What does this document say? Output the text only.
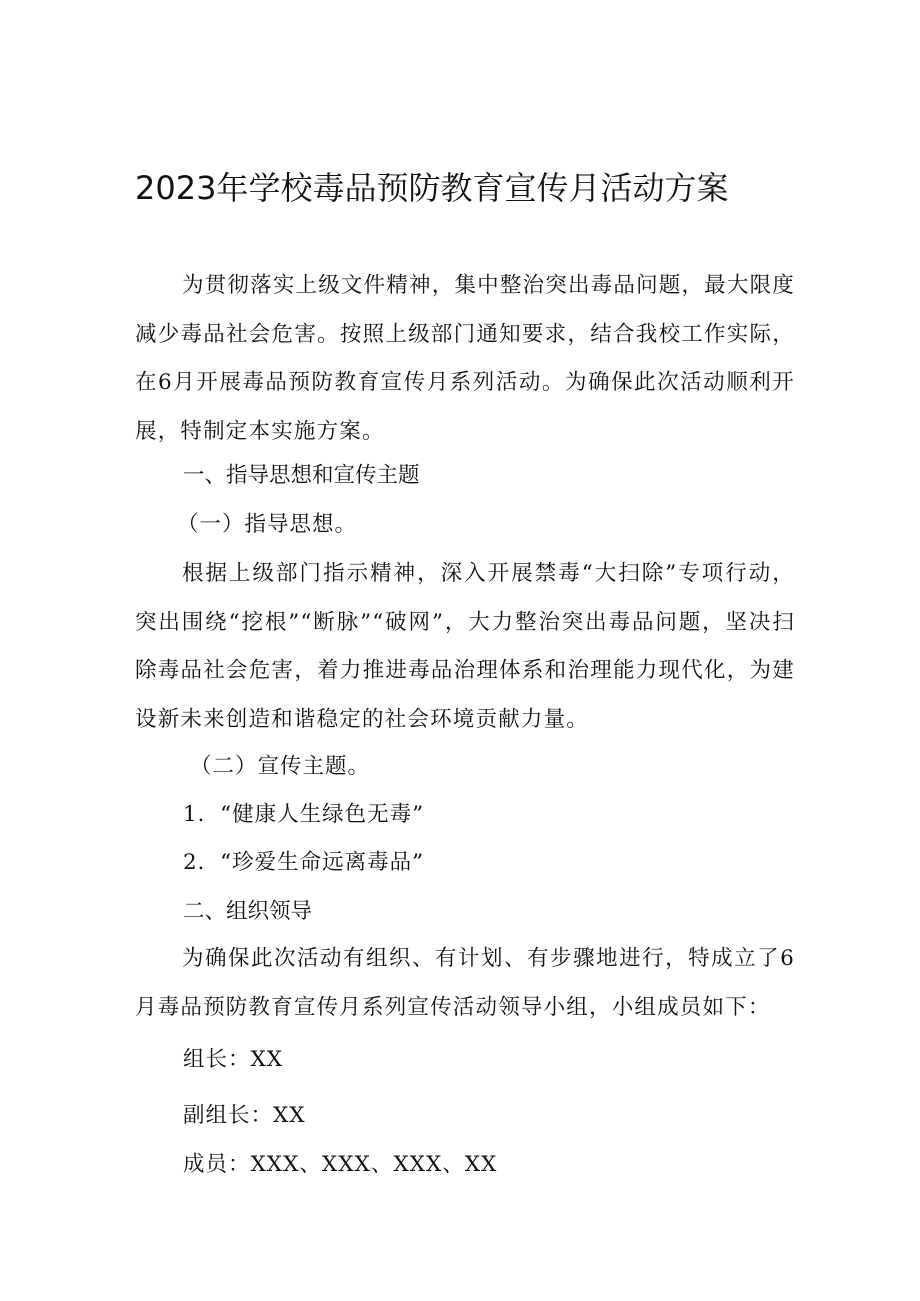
2023年学校毒品预防教育宣传月活动方案
为贯彻落实上级文件精神，集中整治突出毒品问题，最大限度减少毒品社会危害。按照上级部门通知要求，结合我校工作实际，在6月开展毒品预防教育宣传月系列活动。为确保此次活动顺利开展，特制定本实施方案。
一、指导思想和宣传主题
（一）指导思想。
根据上级部门指示精神，深入开展禁毒“大扫除”专项行动，突出围绕“挖根”“断脉”“破网”，大力整治突出毒品问题，坚决扫除毒品社会危害，着力推进毒品治理体系和治理能力现代化，为建设新未来创造和谐稳定的社会环境贡献力量。
（二）宣传主题。
1．“健康人生绿色无毒”
2．“珍爱生命远离毒品”
二、组织领导
为确保此次活动有组织、有计划、有步骤地进行，特成立了6月毒品预防教育宣传月系列宣传活动领导小组，小组成员如下：
组长：XX
副组长：XX
成员：XXX、XXX、XXX、XX
